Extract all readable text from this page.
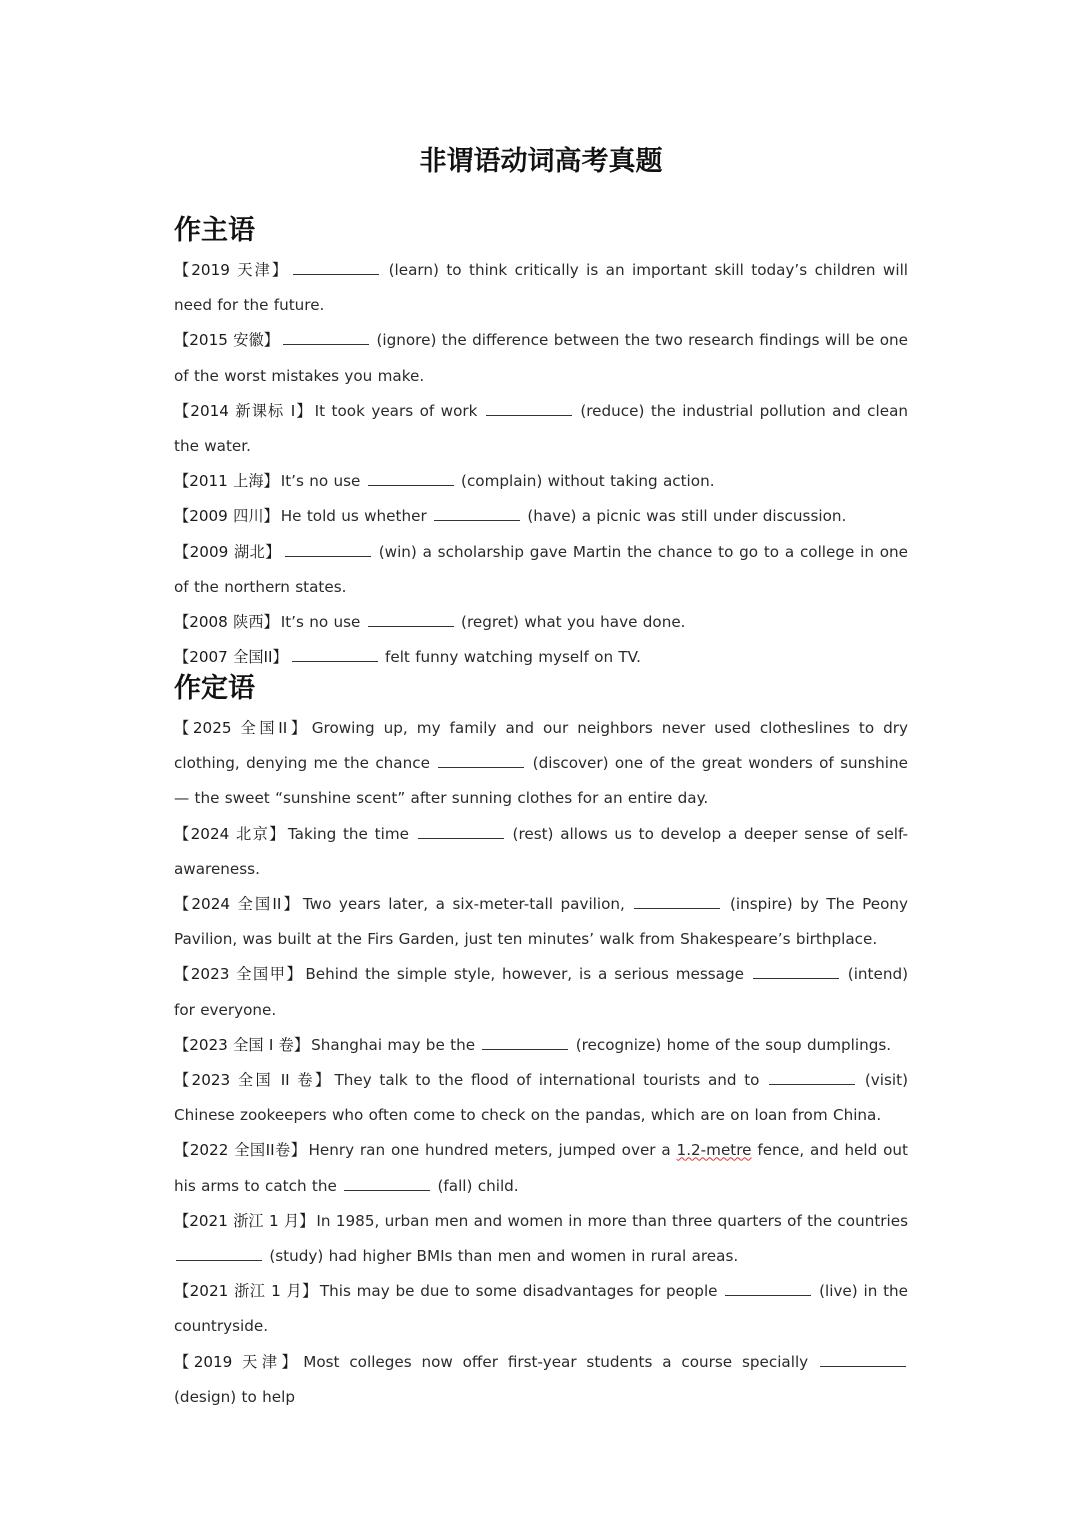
非谓语动词高考真题
作主语
【2019 天津】	(learn) to think critically is an important skill today’s children will need for the future.
【2015 安徽】	(ignore) the difference between the two research findings will be one of the worst mistakes you make.
【2014 新课标 Ⅰ】 It took years of work	(reduce) the industrial pollution and clean the water.
【2011 上海】 It’s no use	(complain) without taking action.
【2009 四川】 He told us whether	(have) a picnic was still under discussion.
【2009 湖北】	(win) a scholarship gave Martin the chance to go to a college in one of the northern states.
【2008 陕西】 It’s no use	(regret) what you have done.
【2007 全国II】	felt funny watching myself on TV.
作定语
【2025 全国II】 Growing up, my family and our neighbors never used clotheslines to dry clothing, denying me the chance	(discover) one of the great wonders of sunshine — the sweet “sunshine scent” after sunning clothes for an entire day.
【2024 北京】 Taking the time	(rest) allows us to develop a deeper sense of self-awareness.
【2024 全国II】 Two years later, a six-meter-tall pavilion,	(inspire) by The Peony Pavilion, was built at the Firs Garden, just ten minutes’ walk from Shakespeare’s birthplace.
【2023 全国甲】 Behind the simple style, however, is a serious message	(intend) for everyone.
【2023 全国 I 卷】 Shanghai may be the	(recognize) home of the soup dumplings.
【2023 全国 II 卷】 They talk to the flood of international tourists and to	(visit) Chinese zookeepers who often come to check on the pandas, which are on loan from China.
【2022 全国II卷】 Henry ran one hundred meters, jumped over a 1.2-metre fence, and held out his arms to catch the	(fall) child.
【2021 浙江 1 月】 In 1985, urban men and women in more than three quarters of the countries  (study) had higher BMIs than men and women in rural areas.
【2021 浙江 1 月】 This may be due to some disadvantages for people	(live) in the countryside.
【2019 天津】 Most colleges now offer first-year students a course specially  (design) to help
